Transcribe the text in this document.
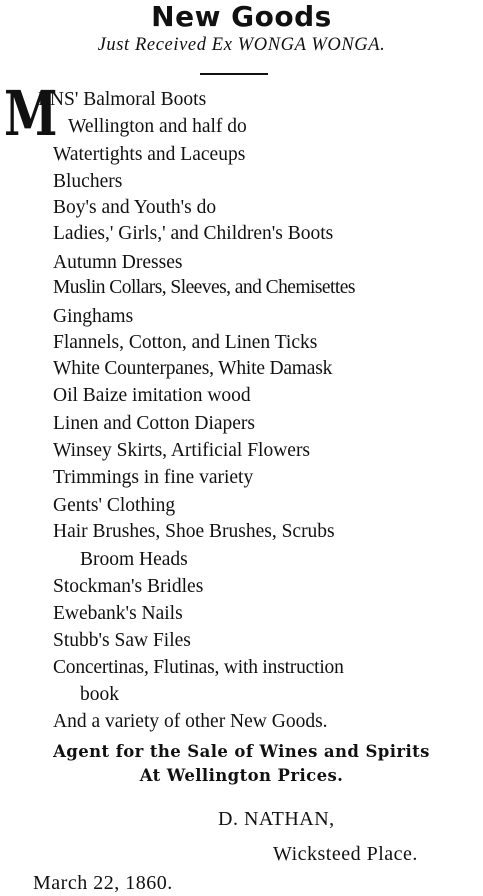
New Goods
Just Received Ex WONGA WONGA.
M
ENS' Balmoral Boots
Wellington and half do
Watertights and Laceups
Bluchers
Boy's and Youth's do
Ladies,' Girls,' and Children's Boots
Autumn Dresses
Muslin Collars, Sleeves, and Chemisettes
Ginghams
Flannels, Cotton, and Linen Ticks
White Counterpanes, White Damask
Oil Baize imitation wood
Linen and Cotton Diapers
Winsey Skirts, Artificial Flowers
Trimmings in fine variety
Gents' Clothing
Hair Brushes, Shoe Brushes, Scrubs
Broom Heads
Stockman's Bridles
Ewebank's Nails
Stubb's Saw Files
Concertinas, Flutinas, with instruction
book
And a variety of other New Goods.
Agent for the Sale of Wines and Spirits
At Wellington Prices.
D. NATHAN,
Wicksteed Place.
March 22, 1860.
